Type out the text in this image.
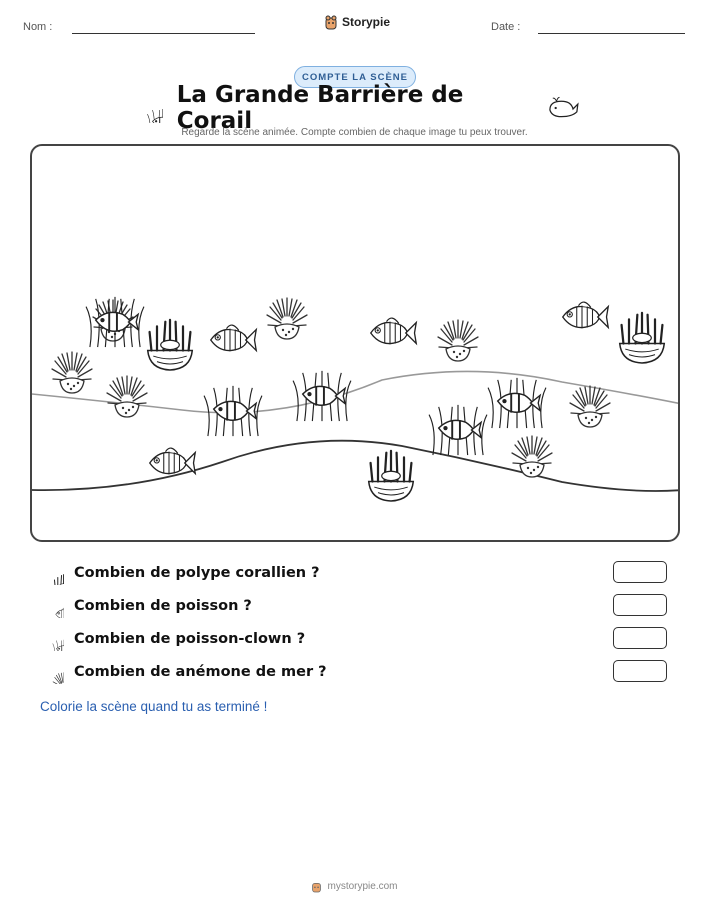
Nom :	Storypie	Date :
COMPTE LA SCÈNE
La Grande Barrière de Corail
Regarde la scène animée. Compte combien de chaque image tu peux trouver.
Combien de polype corallien ?
Combien de poisson ?
Combien de poisson-clown ?
Combien de anémone de mer ?
Colorie la scène quand tu as terminé !
mystorypie.com
